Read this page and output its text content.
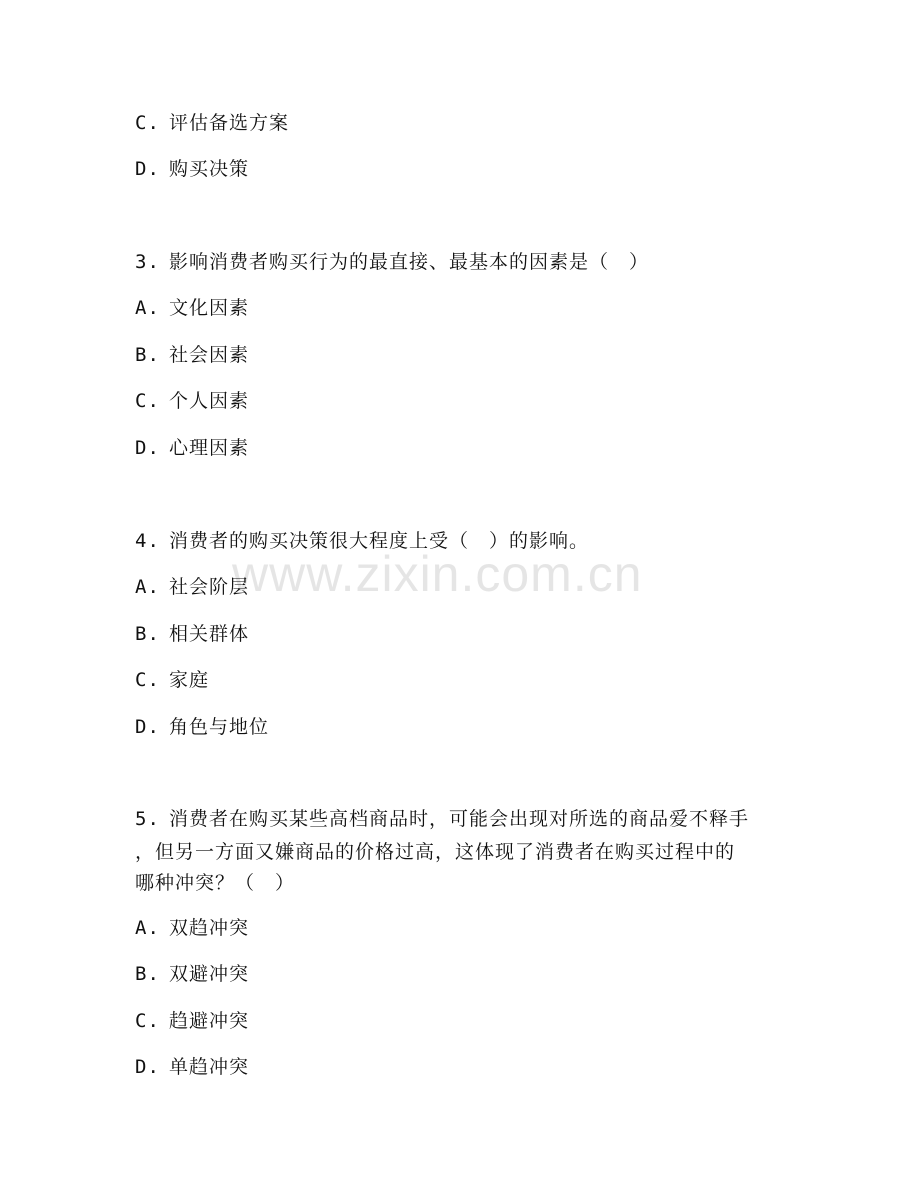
C. 评估备选方案
D. 购买决策
3. 影响消费者购买行为的最直接、最基本的因素是（　）
A. 文化因素
B. 社会因素
C. 个人因素
D. 心理因素
4. 消费者的购买决策很大程度上受（　）的影响。
A. 社会阶层
B. 相关群体
C. 家庭
D. 角色与地位
5. 消费者在购买某些高档商品时，可能会出现对所选的商品爱不释手
，但另一方面又嫌商品的价格过高，这体现了消费者在购买过程中的
哪种冲突？（　）
A. 双趋冲突
B. 双避冲突
C. 趋避冲突
D. 单趋冲突
www.zixin.com.cn
